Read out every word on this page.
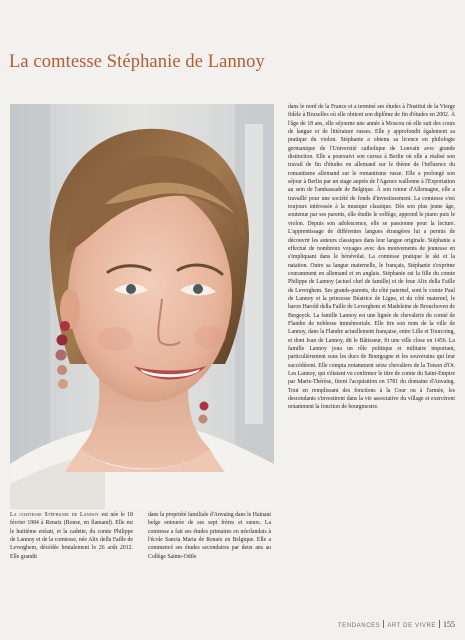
La comtesse Stéphanie de Lannoy

La comtesse Stéphanie de Lannoy est née le 18 février 1984 à Renaix (Ronse, en flamand). Elle est le huitième enfant, et la cadette, du comte Philippe de Lannoy et de la comtesse, née Alix della Faille de Leverghem, décédée brutalement le 26 août 2012. Elle grandit

dans la propriété familiale d'Anvaing dans le Hainaut belge entourée de ses sept frères et sœurs. La comtesse a fait ses études primaires en néerlandais à l'école Sancta Maria de Renaix en Belgique. Elle a commencé ses études secondaires par deux ans au Collège Sainte-Odile

dans le nord de la France et a terminé ses études à l'Institut de la Vierge fidèle à Bruxelles où elle obtient son diplôme de fin d'études en 2002. À l'âge de 18 ans, elle séjourne une année à Moscou où elle suit des cours de langue et de littérature russes. Elle y approfondit également sa pratique du violon. Stéphanie a obtenu sa licence en philologie germanique de l'Université catholique de Louvain avec grande distinction. Elle a poursuivi son cursus à Berlin où elle a réalisé son travail de fin d'études en allemand sur le thème de l'influence du romantisme allemand sur le romantisme russe. Elle a prolongé son séjour à Berlin par un stage auprès de l'Agence wallonne à l'Exportation au sein de l'ambassade de Belgique. À son retour d'Allemagne, elle a travaillé pour une société de fonds d'investissement. La comtesse s'est toujours intéressée à la musique classique. Dès son plus jeune âge, soutenue par ses parents, elle étudie le solfège, apprend le piano puis le violon. Depuis son adolescence, elle se passionne pour la lecture. L'apprentissage de différentes langues étrangères lui a permis de découvrir les auteurs classiques dans leur langue originale. Stéphanie a effectué de nombreux voyages avec des mouvements de jeunesse en s'impliquant dans le bénévolat. La comtesse pratique le ski et la natation. Outre sa langue maternelle, le français, Stéphanie s'exprime couramment en allemand et en anglais. Stéphanie est la fille du comte Philippe de Lannoy (actuel chef de famille) et de feue Alix della Faille de Leverghem. Ses grands-parents, du côté paternel, sont le comte Paul de Lannoy et la princesse Béatrice de Ligne, et du côté maternel, le baron Harold della Faille de Leverghem et Madeleine de Brouchoven de Bergeyck. La famille Lannoy est une lignée de chevalerie du comté de Flandre de noblesse immémoriale. Elle tire son nom de la ville de Lannoy, dans la Flandre actuellement française, entre Lille et Tourcoing, et dont Jean de Lannoy, dit le Bâtisseur, fit une ville close en 1456. La famille Lannoy joua un rôle politique et militaire important, particulièrement sous les ducs de Bourgogne et les souverains qui leur succédèrent. Elle compta notamment seize chevaliers de la Toison d'Or. Les Lannoy, qui s'étaient vu confirmer le titre de comte du Saint-Empire par Marie-Thérèse, firent l'acquisition en 1781 du domaine d'Anvaing. Tout en remplissant des fonctions à la Cour ou à l'armée, les descendants s'investirent dans la vie associative du village et exercèrent notamment la fonction de bourgmestre.

TENDANCES ART DE VIVRE 155
